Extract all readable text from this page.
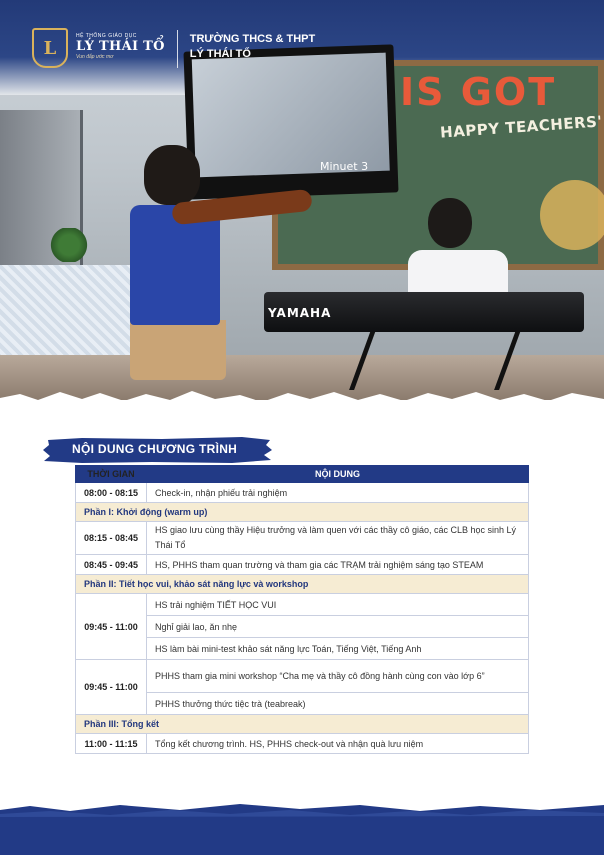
IS GOT
HAPPY TEACHERS'
Minuet 3
YAMAHA
L
HỆ THỐNG GIÁO DỤC
LÝ THÁI TỔ
Vun đắp ước mơ
TRƯỜNG THCS & THPT
LÝ THÁI TỔ
NỘI DUNG CHƯƠNG TRÌNH
THỜI GIAN	NỘI DUNG
08:00 - 08:15	Check-in, nhận phiếu trải nghiệm
Phần I: Khởi động (warm up)	
08:15 - 08:45	HS giao lưu cùng thầy Hiệu trưởng và làm quen với các thầy cô giáo, các CLB học sinh Lý Thái Tổ
08:45 - 09:45	HS, PHHS tham quan trường và tham gia các TRẠM trải nghiệm sáng tạo STEAM
Phần II: Tiết học vui, khảo sát năng lực và workshop	
09:45 - 11:00	HS trải nghiệm TIẾT HỌC VUI
	Nghỉ giải lao, ăn nhẹ
	HS làm bài mini-test khảo sát năng lực Toán, Tiếng Việt, Tiếng Anh
09:45 - 11:00	PHHS tham gia mini workshop “Cha mẹ và thầy cô đồng hành cùng con vào lớp 6”
	PHHS thưởng thức tiệc trà (teabreak)
Phần III: Tổng kết	
11:00 - 11:15	Tổng kết chương trình. HS, PHHS check-out và nhận quà lưu niệm
